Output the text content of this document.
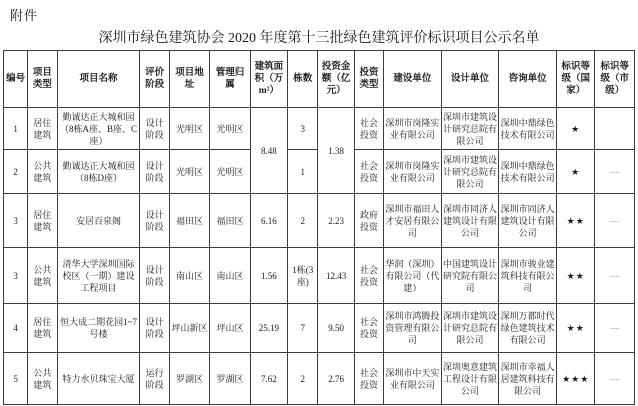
附件
深圳市绿色建筑协会 2020 年度第十三批绿色建筑评价标识项目公示名单
编号	项目类型	项目名称	评价阶段	项目地址	管理归属	建筑面积（万m²）	栋数	投资金额（亿元）	投资类型	建设单位	设计单位	咨询单位	标识等级（国家）	标识等级（市级）
1	居住建筑	勤诚达正大城和园（8栋A座、B座、C座）	设计阶段	光明区	光明区	8.48	3	1.38	社会投资	深圳市岗隆实业有限公司	深圳市建筑设计研究总院有限公司	深圳中鼎绿色技术有限公司	★	
2	公共建筑	勤诚达正大城和园（8栋D座）	设计阶段	光明区	光明区		1		社会投资	深圳市岗隆实业有限公司	深圳市建筑设计研究总院有限公司	深圳中鼎绿色技术有限公司	★	—
3	居住建筑	安居百泉阁	设计阶段	福田区	福田区	6.16	2	2.23	政府投资	深圳市福田人才安居有限公司	深圳市同济人建筑设计有限公司	深圳市同济人建筑设计有限公司	★★	—
3	公共建筑	清华大学深圳国际校区（一期）建设工程项目	设计阶段	南山区	南山区	1.56	1栋(3座)	12.43	社会投资	华润（深圳）有限公司（代建）	中国建筑设计研究院有限公司	深圳市骏业建筑科技有限公司	★★	—
4	居住建筑	恒大成二期花园1~7号楼	设计阶段	坪山新区	坪山区	25.19	7	9.50	社会投资	深圳市鸿腾投资管理有限公司	深圳市建筑设计研究总院有限公司	深圳万都时代绿色建筑技术有限公司	★★	—
5	公共建筑	特力水贝珠宝大厦	运行阶段	罗湖区	罗湖区	7.62	2	2.76	社会投资	深圳市中天实业有限公司	深圳奥意建筑工程设计有限公司	深圳市幸福人居建筑科技有限公司	★★★	—
